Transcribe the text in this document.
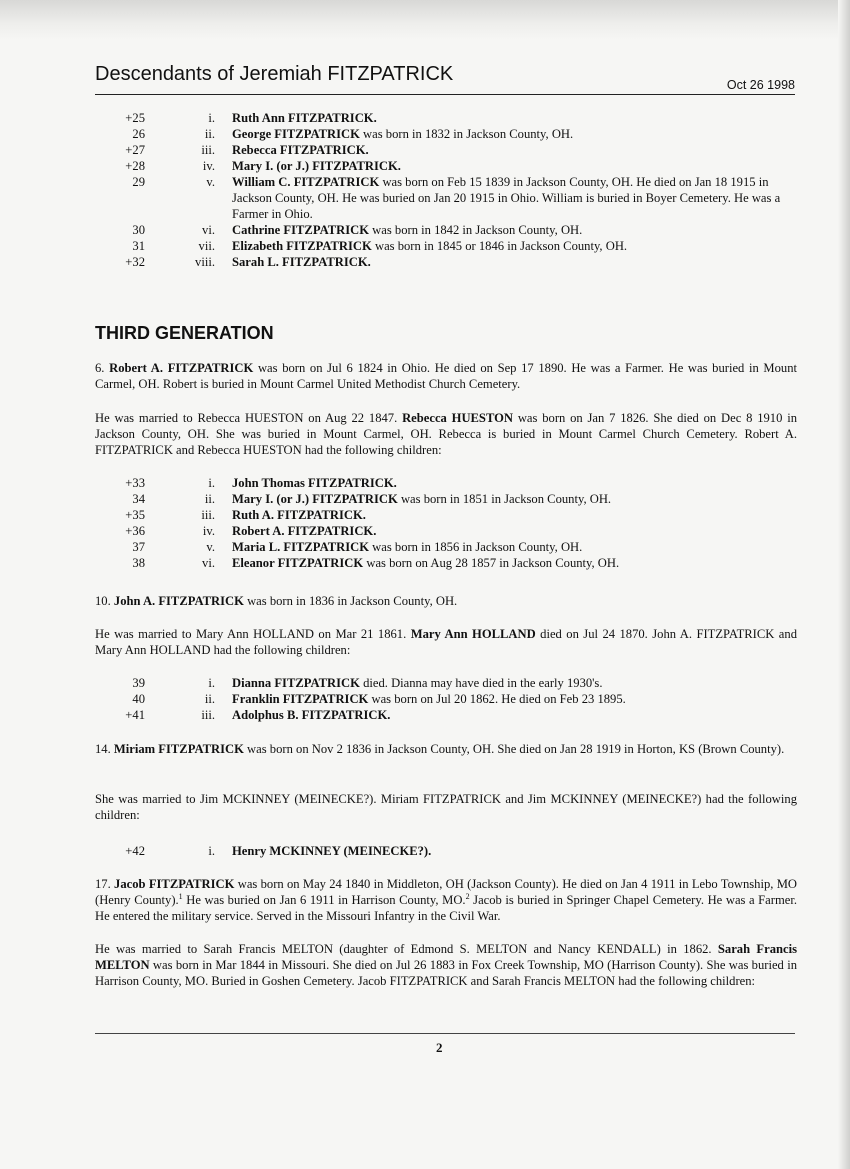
Descendants of Jeremiah FITZPATRICK	Oct 26 1998
+25	i. Ruth Ann FITZPATRICK.
26	ii. George FITZPATRICK was born in 1832 in Jackson County, OH.
+27	iii. Rebecca FITZPATRICK.
+28	iv. Mary I. (or J.) FITZPATRICK.
29	v. William C. FITZPATRICK was born on Feb 15 1839 in Jackson County, OH. He died on Jan 18 1915 in Jackson County, OH. He was buried on Jan 20 1915 in Ohio. William is buried in Boyer Cemetery. He was a Farmer in Ohio.
30	vi. Cathrine FITZPATRICK was born in 1842 in Jackson County, OH.
31	vii. Elizabeth FITZPATRICK was born in 1845 or 1846 in Jackson County, OH.
+32	viii. Sarah L. FITZPATRICK.
THIRD GENERATION
6. Robert A. FITZPATRICK was born on Jul 6 1824 in Ohio. He died on Sep 17 1890. He was a Farmer. He was buried in Mount Carmel, OH. Robert is buried in Mount Carmel United Methodist Church Cemetery.
He was married to Rebecca HUESTON on Aug 22 1847. Rebecca HUESTON was born on Jan 7 1826. She died on Dec 8 1910 in Jackson County, OH. She was buried in Mount Carmel, OH. Rebecca is buried in Mount Carmel Church Cemetery. Robert A. FITZPATRICK and Rebecca HUESTON had the following children:
+33	i. John Thomas FITZPATRICK.
34	ii. Mary I. (or J.) FITZPATRICK was born in 1851 in Jackson County, OH.
+35	iii. Ruth A. FITZPATRICK.
+36	iv. Robert A. FITZPATRICK.
37	v. Maria L. FITZPATRICK was born in 1856 in Jackson County, OH.
38	vi. Eleanor FITZPATRICK was born on Aug 28 1857 in Jackson County, OH.
10. John A. FITZPATRICK was born in 1836 in Jackson County, OH.
He was married to Mary Ann HOLLAND on Mar 21 1861. Mary Ann HOLLAND died on Jul 24 1870. John A. FITZPATRICK and Mary Ann HOLLAND had the following children:
39	i. Dianna FITZPATRICK died. Dianna may have died in the early 1930's.
40	ii. Franklin FITZPATRICK was born on Jul 20 1862. He died on Feb 23 1895.
+41	iii. Adolphus B. FITZPATRICK.
14. Miriam FITZPATRICK was born on Nov 2 1836 in Jackson County, OH. She died on Jan 28 1919 in Horton, KS (Brown County).
She was married to Jim MCKINNEY (MEINECKE?). Miriam FITZPATRICK and Jim MCKINNEY (MEINECKE?) had the following children:
+42	i. Henry MCKINNEY (MEINECKE?).
17. Jacob FITZPATRICK was born on May 24 1840 in Middleton, OH (Jackson County). He died on Jan 4 1911 in Lebo Township, MO (Henry County).$^1$ He was buried on Jan 6 1911 in Harrison County, MO.$^2$ Jacob is buried in Springer Chapel Cemetery. He was a Farmer. He entered the military service. Served in the Missouri Infantry in the Civil War.
He was married to Sarah Francis MELTON (daughter of Edmond S. MELTON and Nancy KENDALL) in 1862. Sarah Francis MELTON was born in Mar 1844 in Missouri. She died on Jul 26 1883 in Fox Creek Township, MO (Harrison County). She was buried in Harrison County, MO. Buried in Goshen Cemetery. Jacob FITZPATRICK and Sarah Francis MELTON had the following children:
2
